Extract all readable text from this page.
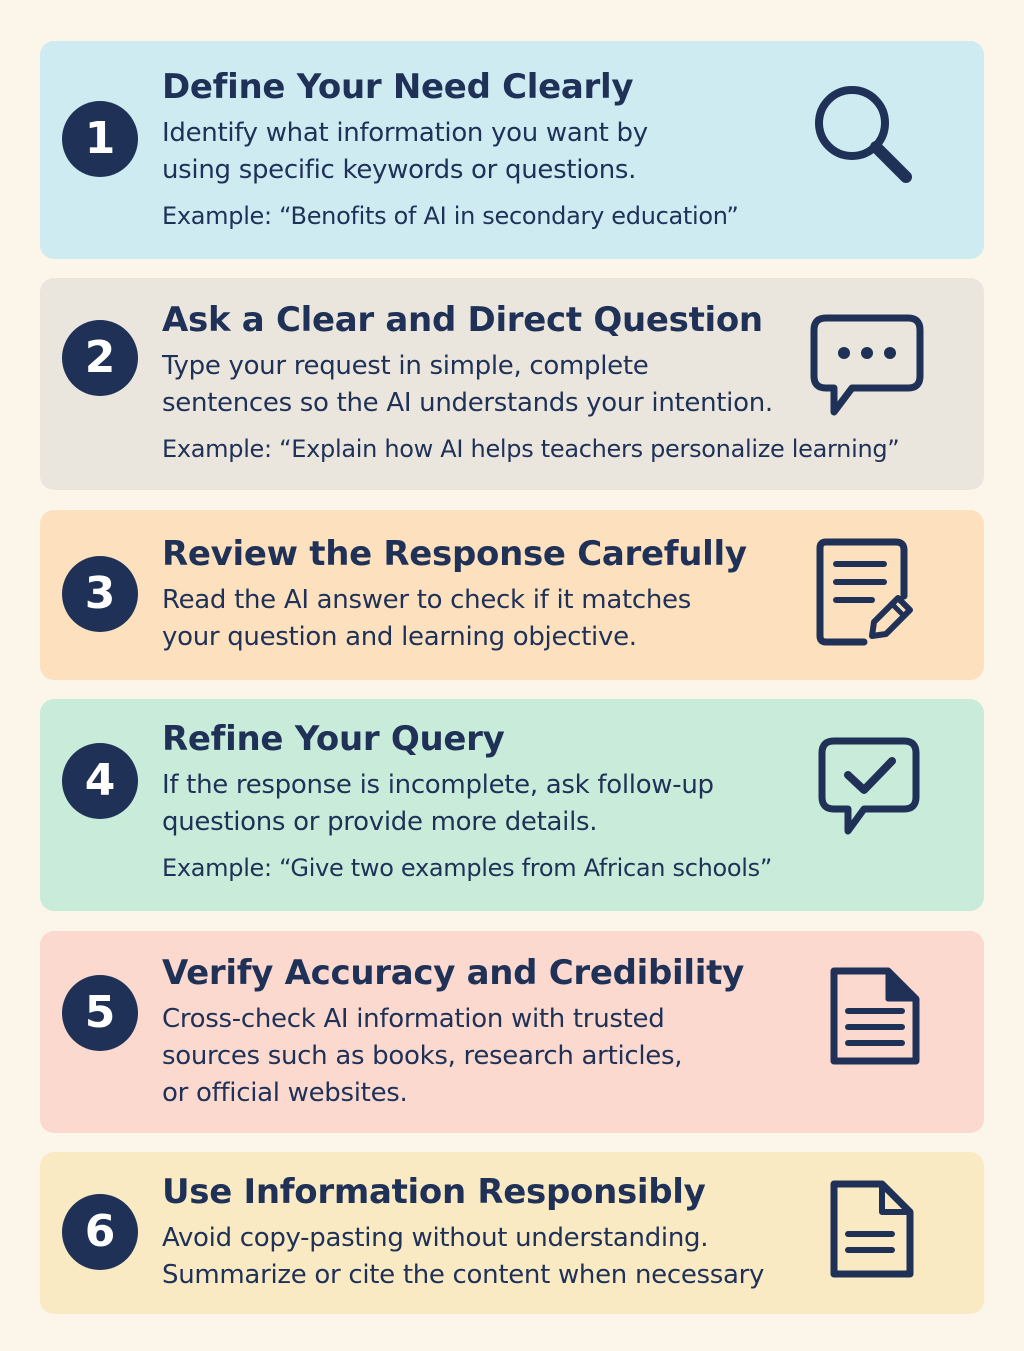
1

Define Your Need Clearly

Identify what information you want by
using specific keywords or questions.

Example: “Benofits of AI in secondary education”

2

Ask a Clear and Direct Question

Type your request in simple, complete
sentences so the AI understands your intention.

Example: “Explain how AI helps teachers personalize learning”

3

Review the Response Carefully

Read the AI answer to check if it matches
your question and learning objective.

4

Refine Your Query

If the response is incomplete, ask follow-up
questions or provide more details.

Example: “Give two examples from African schools”

5

Verify Accuracy and Credibility

Cross-check AI information with trusted
sources such as books, research articles,
or official websites.

6

Use Information Responsibly

Avoid copy-pasting without understanding.
Summarize or cite the content when necessary
